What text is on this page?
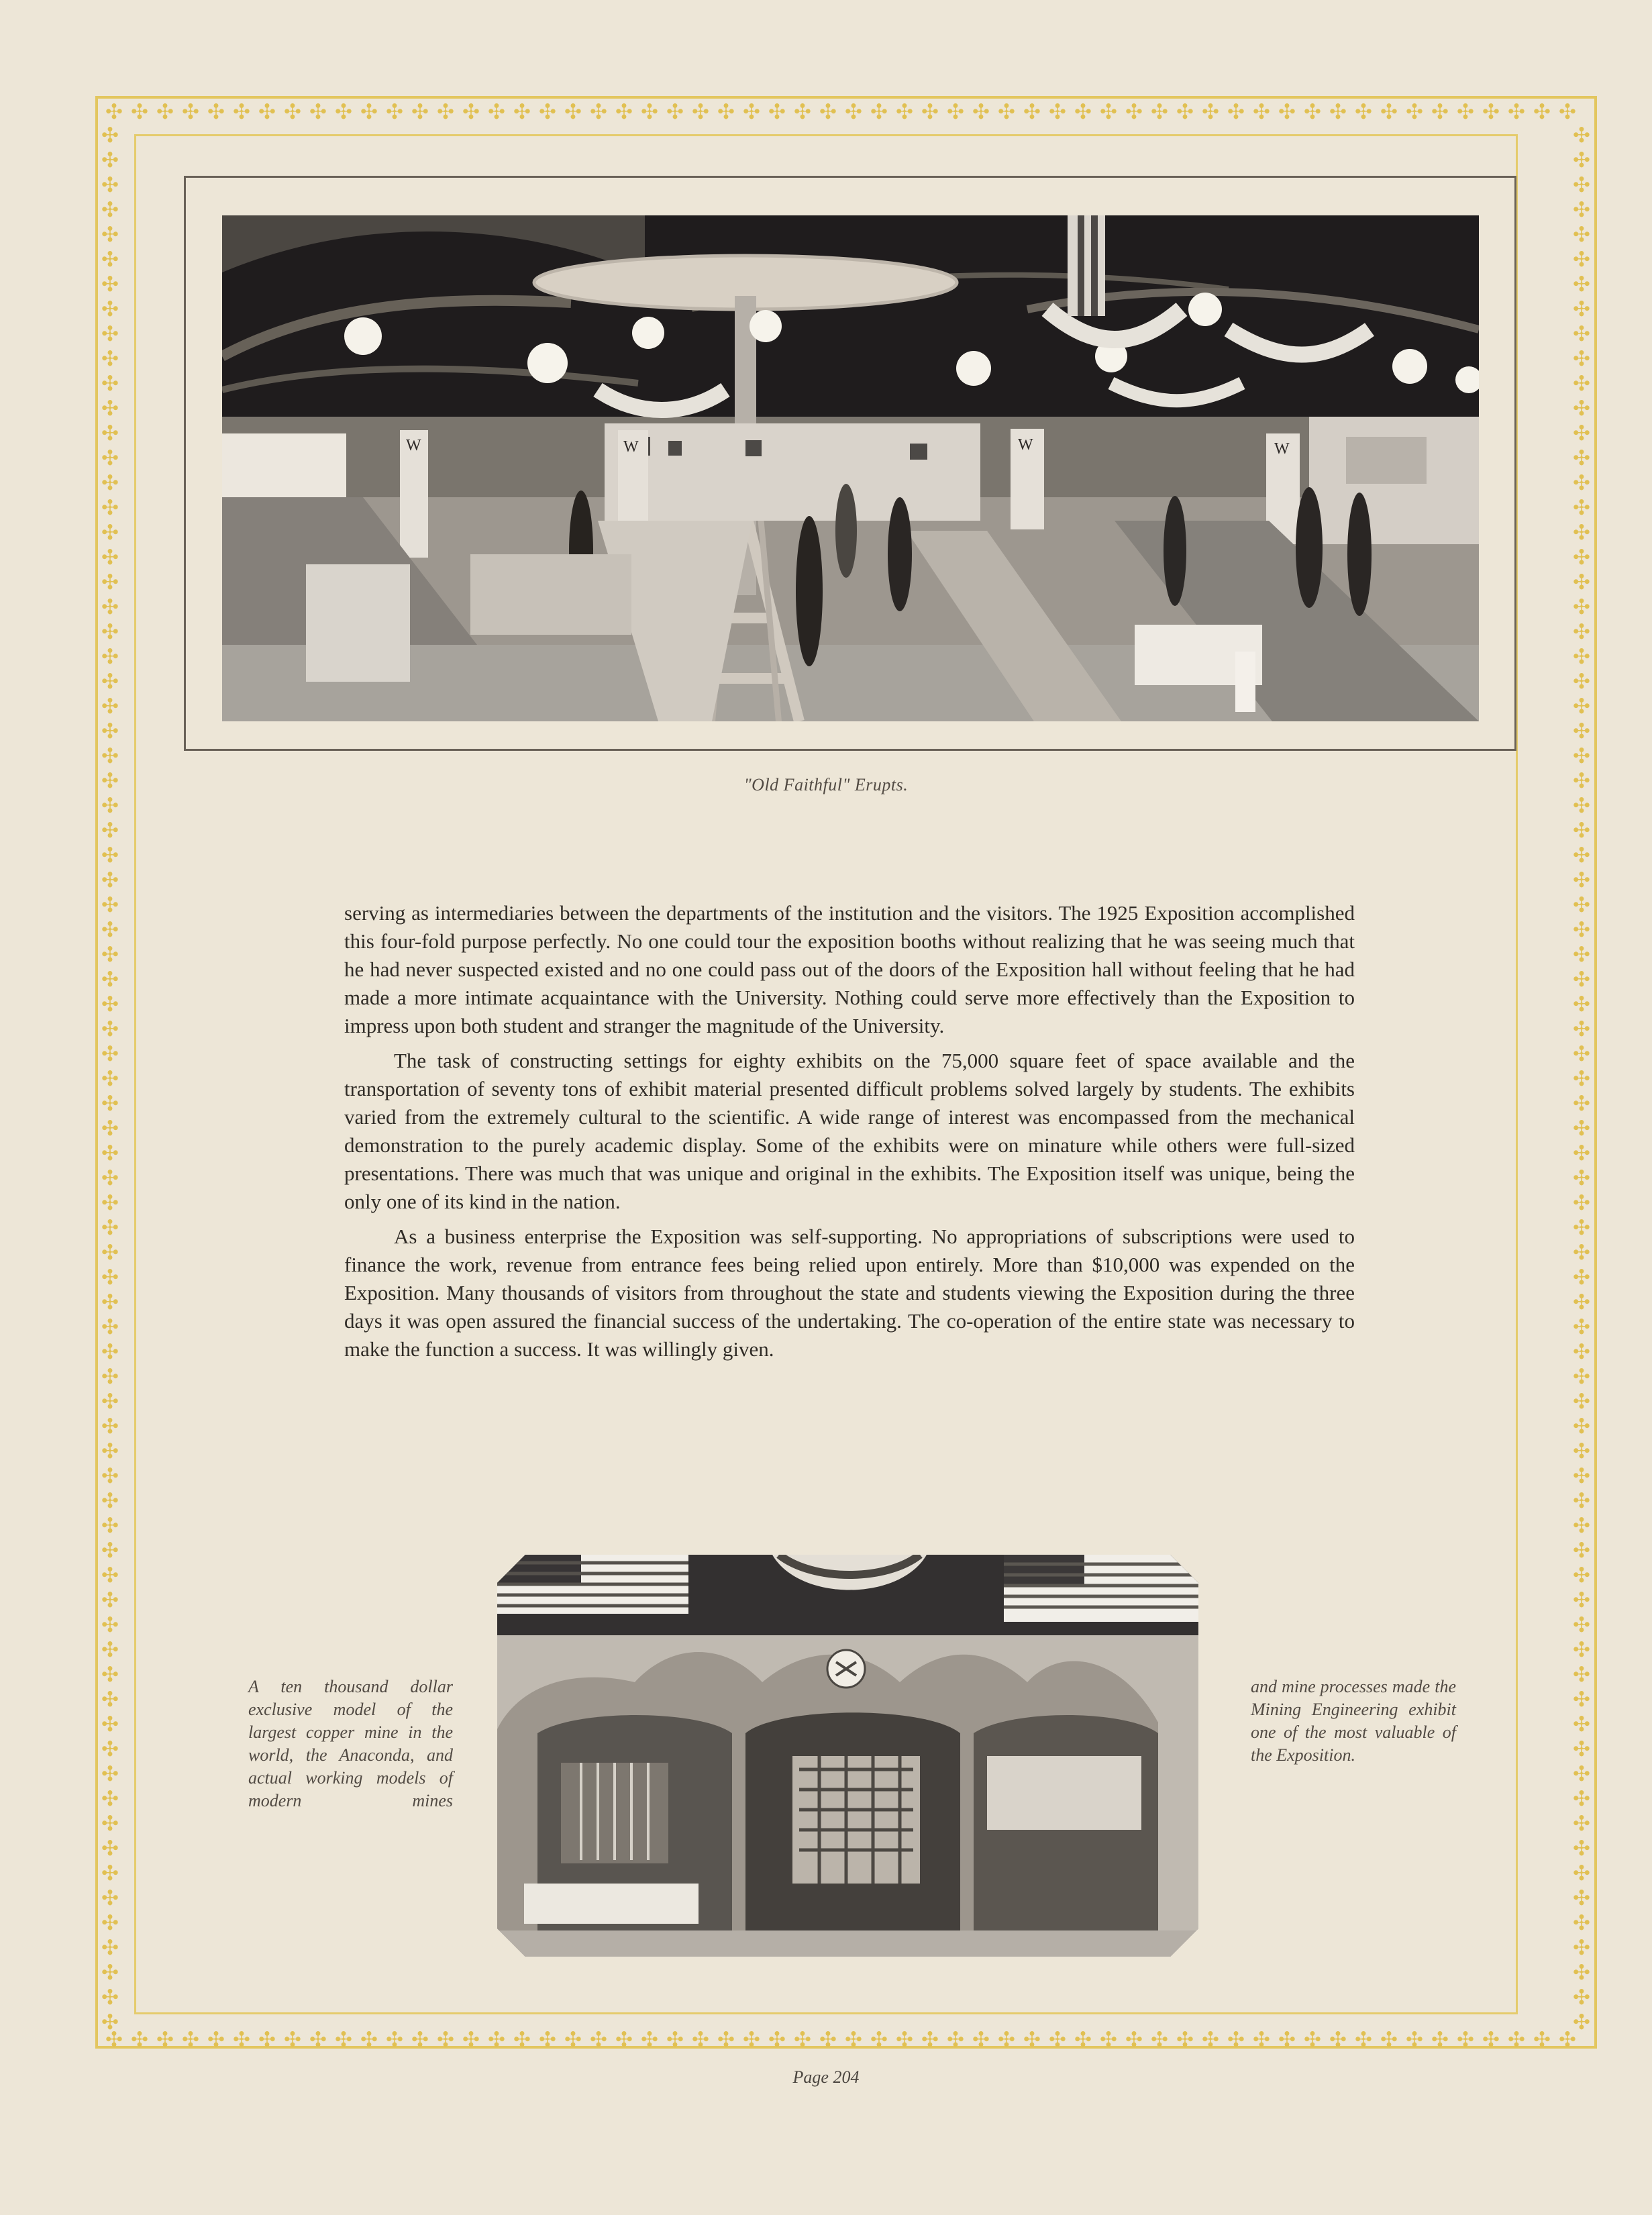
✣ ✣ ✣ ✣ ✣ ✣ ✣ ✣ ✣ ✣ ✣ ✣ ✣ ✣ ✣ ✣ ✣ ✣ ✣ ✣ ✣ ✣ ✣ ✣ ✣ ✣ ✣ ✣ ✣ ✣ ✣ ✣ ✣ ✣ ✣ ✣ ✣ ✣ ✣ ✣ ✣ ✣ ✣ ✣ ✣ ✣ ✣ ✣ ✣ ✣ ✣ ✣ ✣ ✣ ✣ ✣ ✣ ✣
✣ ✣ ✣ ✣ ✣ ✣ ✣ ✣ ✣ ✣ ✣ ✣ ✣ ✣ ✣ ✣ ✣ ✣ ✣ ✣ ✣ ✣ ✣ ✣ ✣ ✣ ✣ ✣ ✣ ✣ ✣ ✣ ✣ ✣ ✣ ✣ ✣ ✣ ✣ ✣ ✣ ✣ ✣ ✣ ✣ ✣ ✣ ✣ ✣ ✣ ✣ ✣ ✣ ✣ ✣ ✣ ✣ ✣
✣
✣
✣
✣
✣
✣
✣
✣
✣
✣
✣
✣
✣
✣
✣
✣
✣
✣
✣
✣
✣
✣
✣
✣
✣
✣
✣
✣
✣
✣
✣
✣
✣
✣
✣
✣
✣
✣
✣
✣
✣
✣
✣
✣
✣
✣
✣
✣
✣
✣
✣
✣
✣
✣
✣
✣
✣
✣
✣
✣
✣
✣
✣
✣
✣
✣
✣
✣
✣
✣
✣
✣
✣
✣
✣
✣
✣
✣
✣
✣
✣
✣
✣
✣
✣
✣
✣
✣
✣
✣
✣
✣
✣
✣
✣
✣
✣
✣
✣
✣
✣
✣
✣
✣
✣
✣
✣
✣
✣
✣
✣
✣
✣
✣
✣
✣
✣
✣
✣
✣
✣
✣
✣
✣
✣
✣
✣
✣
✣
✣
✣
✣
✣
✣
✣
✣
✣
✣
✣
✣
✣
✣
✣
✣
✣
✣
✣
✣
✣
✣
✣
✣
✣
✣
W	W	W
W
"Old Faithful" Erupts.

serving as intermediaries between the departments of the institution and the visitors. The 1925 Exposition accomplished this four-fold purpose perfectly. No one could tour the exposition booths without realizing that he was seeing much that he had never suspected existed and no one could pass out of the doors of the Exposition hall without feeling that he had made a more intimate acquaintance with the University. Nothing could serve more effectively than the Exposition to impress upon both student and stranger the magnitude of the University.

The task of constructing settings for eighty exhibits on the 75,000 square feet of space available and the transportation of seventy tons of exhibit material presented difficult problems solved largely by students. The exhibits varied from the extremely cultural to the scientific. A wide range of interest was encompassed from the mechanical demonstration to the purely academic display. Some of the exhibits were on minature while others were full-sized presentations. There was much that was unique and original in the exhibits. The Exposition itself was unique, being the only one of its kind in the nation.

As a business enterprise the Exposition was self-supporting. No appropriations of subscriptions were used to finance the work, revenue from entrance fees being relied upon entirely. More than $10,000 was expended on the Exposition. Many thousands of visitors from throughout the state and students viewing the Exposition during the three days it was open assured the financial success of the undertaking. The co-operation of the entire state was necessary to make the function a success. It was willingly given.

A ten thousand dollar exclusive model of the largest copper mine in the world, the Anaconda, and actual working models of modern mines
and mine processes made the Mining Engineering exhibit one of the most valuable of the Exposition.
Page 204
